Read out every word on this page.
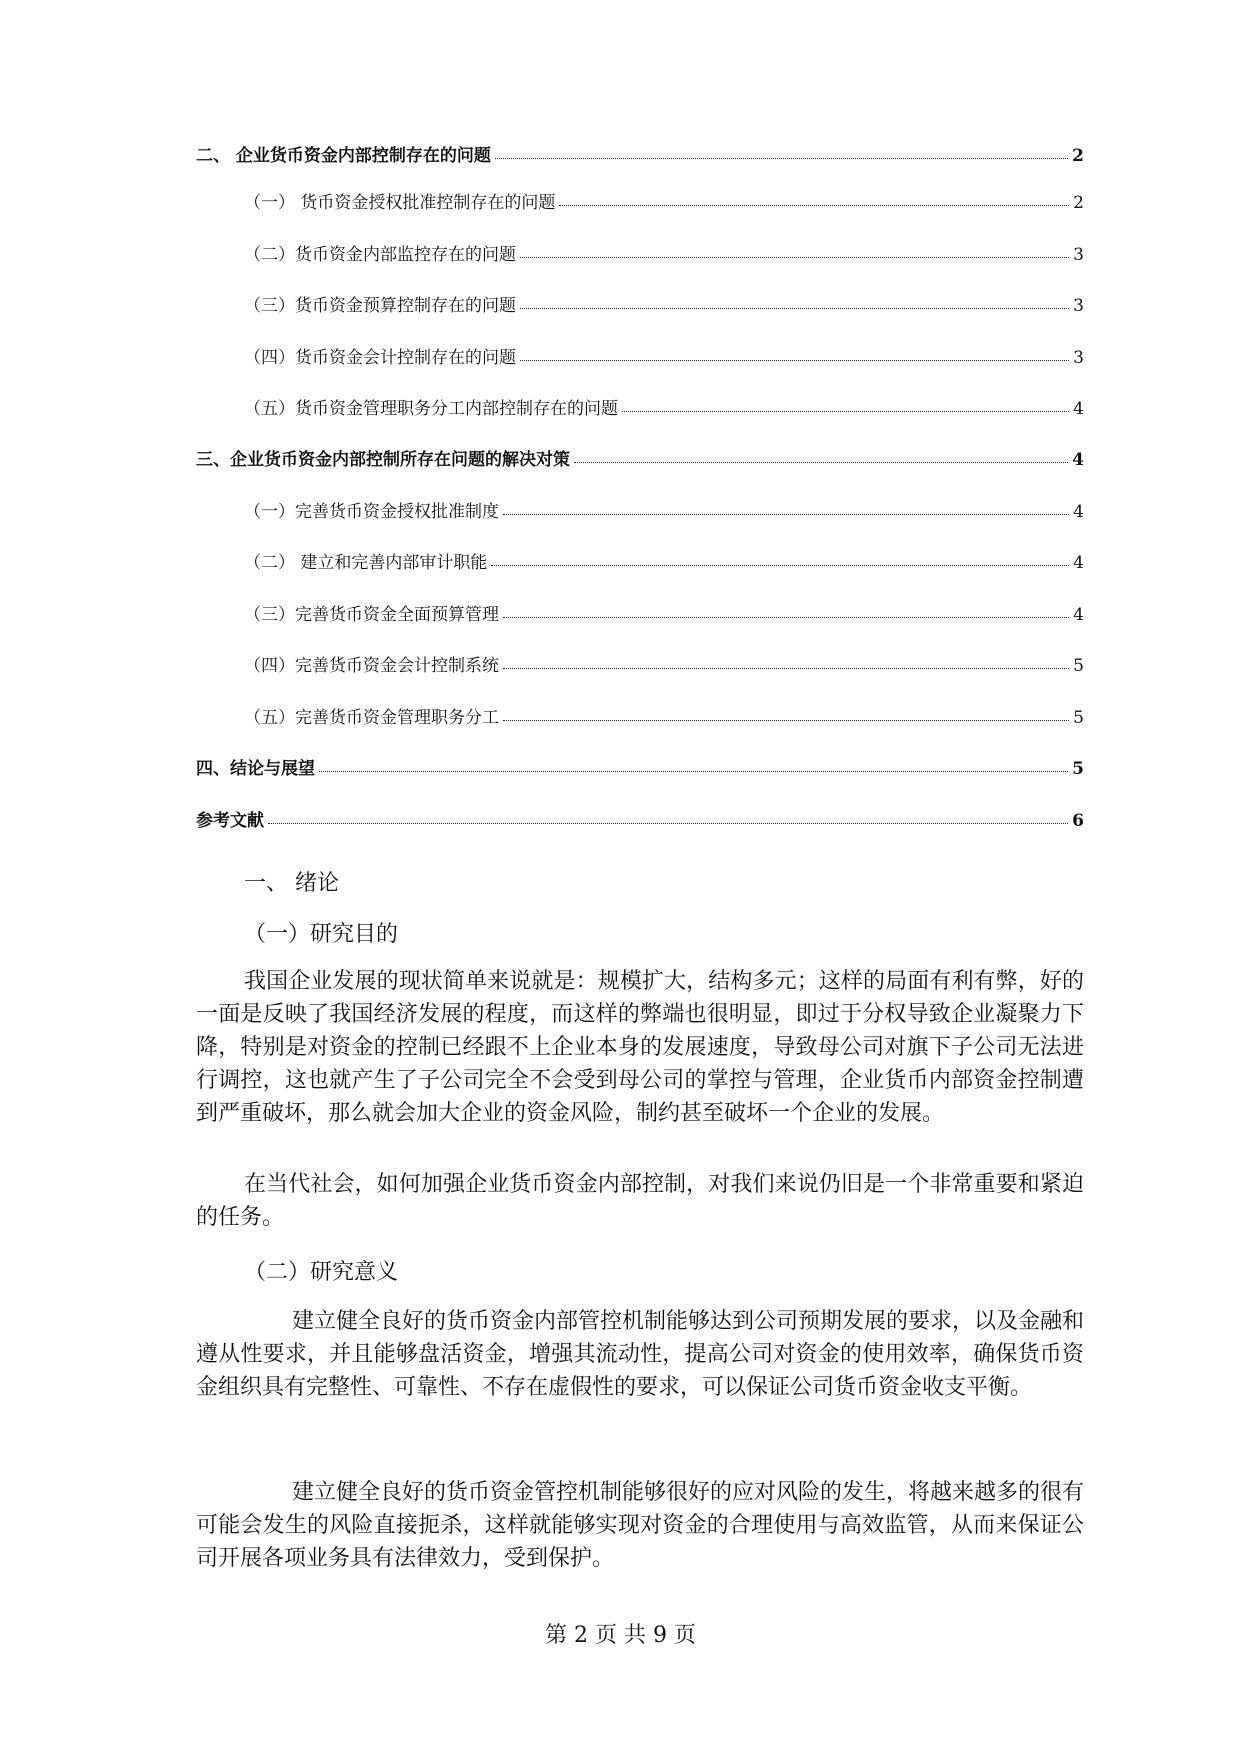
二、 企业货币资金内部控制存在的问题	2
（一） 货币资金授权批准控制存在的问题	2
（二）货币资金内部监控存在的问题	3
（三）货币资金预算控制存在的问题	3
（四）货币资金会计控制存在的问题	3
（五）货币资金管理职务分工内部控制存在的问题	4
三、企业货币资金内部控制所存在问题的解决对策	4
（一）完善货币资金授权批准制度	4
（二） 建立和完善内部审计职能	4
（三）完善货币资金全面预算管理	4
（四）完善货币资金会计控制系统	5
（五）完善货币资金管理职务分工	5
四、结论与展望	5
参考文献	6
一、 绪论
（一）研究目的

我国企业发展的现状简单来说就是：规模扩大，结构多元；这样的局面有利有弊，好的一面是反映了我国经济发展的程度，而这样的弊端也很明显，即过于分权导致企业凝聚力下降，特别是对资金的控制已经跟不上企业本身的发展速度，导致母公司对旗下子公司无法进行调控，这也就产生了子公司完全不会受到母公司的掌控与管理，企业货币内部资金控制遭到严重破坏，那么就会加大企业的资金风险，制约甚至破坏一个企业的发展。

在当代社会，如何加强企业货币资金内部控制，对我们来说仍旧是一个非常重要和紧迫的任务。

（二）研究意义

建立健全良好的货币资金内部管控机制能够达到公司预期发展的要求，以及金融和遵从性要求，并且能够盘活资金，增强其流动性，提高公司对资金的使用效率，确保货币资金组织具有完整性、可靠性、不存在虚假性的要求，可以保证公司货币资金收支平衡。

建立健全良好的货币资金管控机制能够很好的应对风险的发生，将越来越多的很有可能会发生的风险直接扼杀，这样就能够实现对资金的合理使用与高效监管，从而来保证公司开展各项业务具有法律效力，受到保护。

第 2 页 共 9 页
